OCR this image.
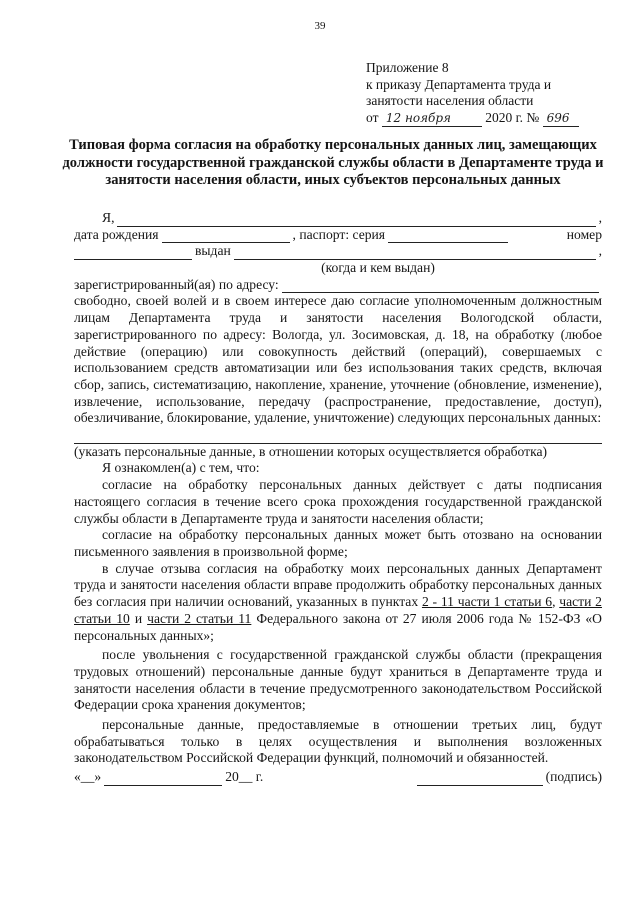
39
Приложение 8
к приказу Департамента труда и
занятости населения области
от 12 ноября	2020 г. № 696
Типовая форма согласия на обработку персональных данных лиц, замещающих должности государственной гражданской службы области в Департаменте труда и занятости населения области, иных субъектов персональных данных
Я,	,
дата рождения	, паспорт: серия	номер
выдан	,
(когда и кем выдан)
зарегистрированный(ая) по адресу:

свободно, своей волей и в своем интересе даю согласие уполномоченным должностным лицам Департамента труда и занятости населения Вологодской области, зарегистрированного по адресу: Вологда, ул. Зосимовская, д. 18, на обработку (любое действие (операцию) или совокупность действий (операций), совершаемых с использованием средств автоматизации или без использования таких средств, включая сбор, запись, систематизацию, накопление, хранение, уточнение (обновление, изменение), извлечение, использование, передачу (распространение, предоставление, доступ), обезличивание, блокирование, удаление, уничтожение) следующих персональных данных:

(указать персональные данные, в отношении которых осуществляется обработка)

Я ознакомлен(а) с тем, что:

согласие на обработку персональных данных действует с даты подписания настоящего согласия в течение всего срока прохождения государственной гражданской службы области в Департаменте труда и занятости населения области;

согласие на обработку персональных данных может быть отозвано на основании письменного заявления в произвольной форме;

в случае отзыва согласия на обработку моих персональных данных Департамент труда и занятости населения области вправе продолжить обработку персональных данных без согласия при наличии оснований, указанных в пунктах 2 - 11 части 1 статьи 6, части 2 статьи 10 и части 2 статьи 11 Федерального закона от 27 июля 2006 года № 152-ФЗ «О персональных данных»;

после увольнения с государственной гражданской службы области (прекращения трудовых отношений) персональные данные будут храниться в Департаменте труда и занятости населения области в течение предусмотренного законодательством Российской Федерации срока хранения документов;

персональные данные, предоставляемые в отношении третьих лиц, будут обрабатываться только в целях осуществления и выполнения возложенных законодательством Российской Федерации функций, полномочий и обязанностей.

«__»	20__ г.	(подпись)
